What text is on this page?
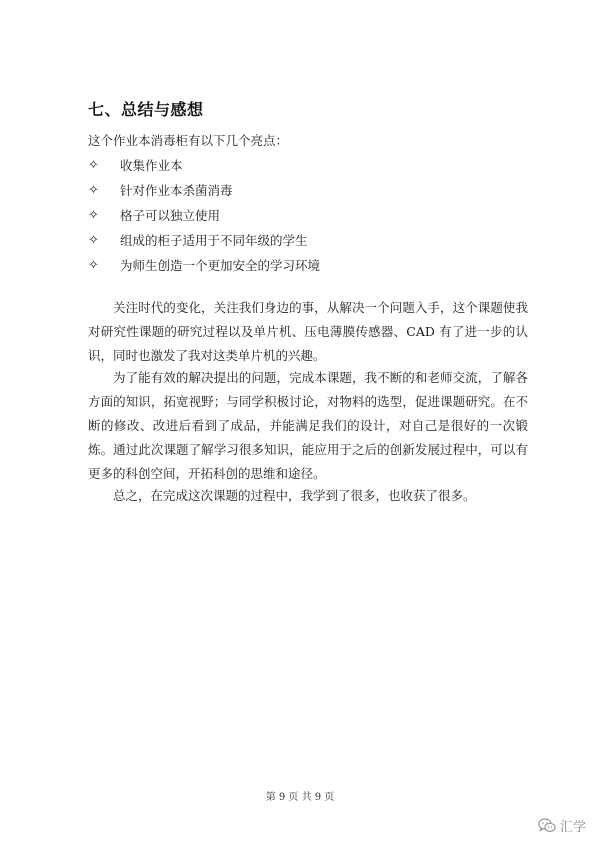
七、总结与感想

这个作业本消毒柜有以下几个亮点：

✧	收集作业本
✧	针对作业本杀菌消毒
✧	格子可以独立使用
✧	组成的柜子适用于不同年级的学生
✧	为师生创造一个更加安全的学习环境

关注时代的变化，关注我们身边的事，从解决一个问题入手，这个课题使我对研究性课题的研究过程以及单片机、压电薄膜传感器、CAD 有了进一步的认识，同时也激发了我对这类单片机的兴趣。

为了能有效的解决提出的问题，完成本课题，我不断的和老师交流，了解各方面的知识，拓宽视野；与同学积极讨论，对物料的选型，促进课题研究。在不断的修改、改进后看到了成品，并能满足我们的设计，对自己是很好的一次锻炼。通过此次课题了解学习很多知识，能应用于之后的创新发展过程中，可以有更多的科创空间，开拓科创的思维和途径。

总之，在完成这次课题的过程中，我学到了很多，也收获了很多。

第 9 页 共 9 页
汇学
